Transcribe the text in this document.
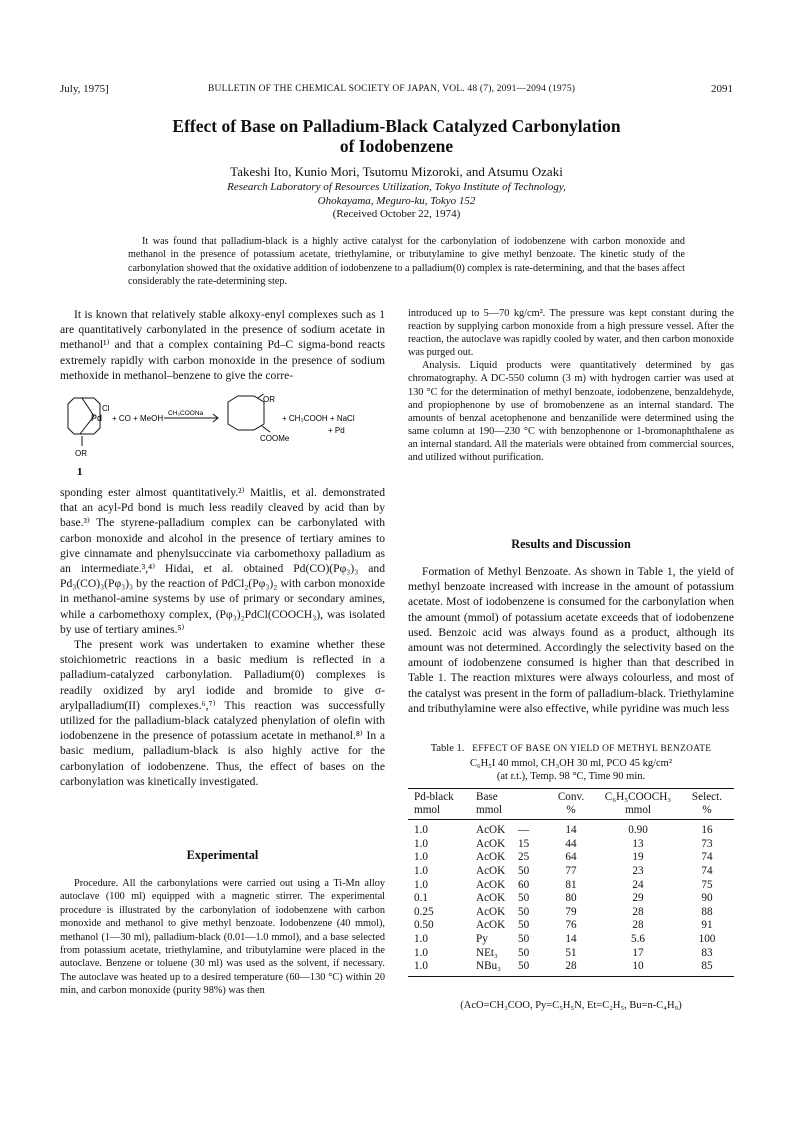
July, 1975]	BULLETIN OF THE CHEMICAL SOCIETY OF JAPAN, VOL. 48 (7), 2091—2094 (1975)	2091
Effect of Base on Palladium-Black Catalyzed Carbonylation
of Iodobenzene
Takeshi Ito, Kunio Mori, Tsutomu Mizoroki, and Atsumu Ozaki
Research Laboratory of Resources Utilization, Tokyo Institute of Technology,
Ohokayama, Meguro-ku, Tokyo 152
(Received October 22, 1974)

It was found that palladium-black is a highly active catalyst for the carbonylation of iodobenzene with carbon monoxide and methanol in the presence of potassium acetate, triethylamine, or tributylamine to give methyl benzoate. The kinetic study of the carbonylation showed that the oxidative addition of iodobenzene to a palladium(0) complex is rate-determining, and that the bases affect considerably the rate-determining step.

It is known that relatively stable alkoxy-enyl complexes such as 1 are quantitatively carbonylated in the presence of sodium acetate in methanol¹⁾ and that a complex containing Pd–C sigma-bond reacts extremely rapidly with carbon monoxide in the presence of sodium methoxide in methanol–benzene to give the corre-

Pd
Cl
+ CO + MeOH
CH₃COONa
OR
OR
COOMe
+ CH₃COOH + NaCl
+ Pd
1

sponding ester almost quantitatively.²⁾ Maitlis, et al. demonstrated that an acyl-Pd bond is much less readily cleaved by acid than by base.³⁾ The styrene-palladium complex can be carbonylated with carbon monoxide and alcohol in the presence of tertiary amines to give cinnamate and phenylsuccinate via carbomethoxy palladium as an intermediate.³,⁴⁾ Hidai, et al. obtained Pd(CO)(Pφ₃)₃ and Pd₃(CO)₃(Pφ₃)₃ by the reaction of PdCl₂(Pφ₃)₂ with carbon monoxide in methanol-amine systems by use of primary or secondary amines, while a carbomethoxy complex, (Pφ₃)₂PdCl(COOCH₃), was isolated by use of tertiary amines.⁵⁾

The present work was undertaken to examine whether these stoichiometric reactions in a basic medium is reflected in a palladium-catalyzed carbonylation. Palladium(0) complexes is readily oxidized by aryl iodide and bromide to give σ-arylpalladium(II) complexes.⁶,⁷⁾ This reaction was successfully utilized for the palladium-black catalyzed phenylation of olefin with iodobenzene in the presence of potassium acetate in methanol.⁸⁾ In a basic medium, palladium-black is also highly active for the carbonylation of iodobenzene. Thus, the effect of bases on the carbonylation was kinetically investigated.

Experimental

Procedure. All the carbonylations were carried out using a Ti-Mn alloy autoclave (100 ml) equipped with a magnetic stirrer. The experimental procedure is illustrated by the carbonylation of iodobenzene with carbon monoxide and methanol to give methyl benzoate. Iodobenzene (40 mmol), methanol (1—30 ml), palladium-black (0.01—1.0 mmol), and a base selected from potassium acetate, triethylamine, and tributylamine were placed in the autoclave. Benzene or toluene (30 ml) was used as the solvent, if necessary. The autoclave was heated up to a desired temperature (60—130 °C) within 20 min, and carbon monoxide (purity 98%) was then

introduced up to 5—70 kg/cm². The pressure was kept constant during the reaction by supplying carbon monoxide from a high pressure vessel. After the reaction, the autoclave was rapidly cooled by water, and then carbon monoxide was purged out.

Analysis. Liquid products were quantitatively determined by gas chromatography. A DC-550 column (3 m) with hydrogen carrier was used at 130 °C for the determination of methyl benzoate, iodobenzene, benzaldehyde, and propiophenone by use of bromobenzene as an internal standard. The amounts of benzal acetophenone and benzanilide were determined using the same column at 190—230 °C with benzophenone or 1-bromonaphthalene as an internal standard. All the materials were obtained from commercial sources, and utilized without purification.

Results and Discussion

Formation of Methyl Benzoate. As shown in Table 1, the yield of methyl benzoate increased with increase in the amount of potassium acetate. Most of iodobenzene is consumed for the carbonylation when the amount (mmol) of potassium acetate exceeds that of iodobenzene used. Benzoic acid was always found as a product, although its amount was not determined. Accordingly the selectivity based on the amount of iodobenzene consumed is higher than that described in Table 1. The reaction mixtures were always colourless, and most of the catalyst was present in the form of palladium-black. Triethylamine and tributhylamine were also effective, while pyridine was much less

Table 1. EFFECT OF BASE ON YIELD OF METHYL BENZOATE
C₆H₅I 40 mmol, CH₃OH 30 ml, PCO 45 kg/cm²
(at r.t.), Temp. 98 °C, Time 90 min.
Pd-black	Base	Conv.	C₆H₅COOCH₃	Select.
mmol	mmol	%	mmol	%
1.0	AcOK —	14	0.90	16
1.0	AcOK 15	44	13	73
1.0	AcOK 25	64	19	74
1.0	AcOK 50	77	23	74
1.0	AcOK 60	81	24	75
0.1	AcOK 50	80	29	90
0.25	AcOK 50	79	28	88
0.50	AcOK 50	76	28	91
1.0	Py 50	14	5.6	100
1.0	NEt₃ 50	51	17	83
1.0	NBu₃ 50	28	10	85
(AcO=CH₃COO, Py=C₅H₅N, Et=C₂H₅, Bu=n-C₄H₉)
